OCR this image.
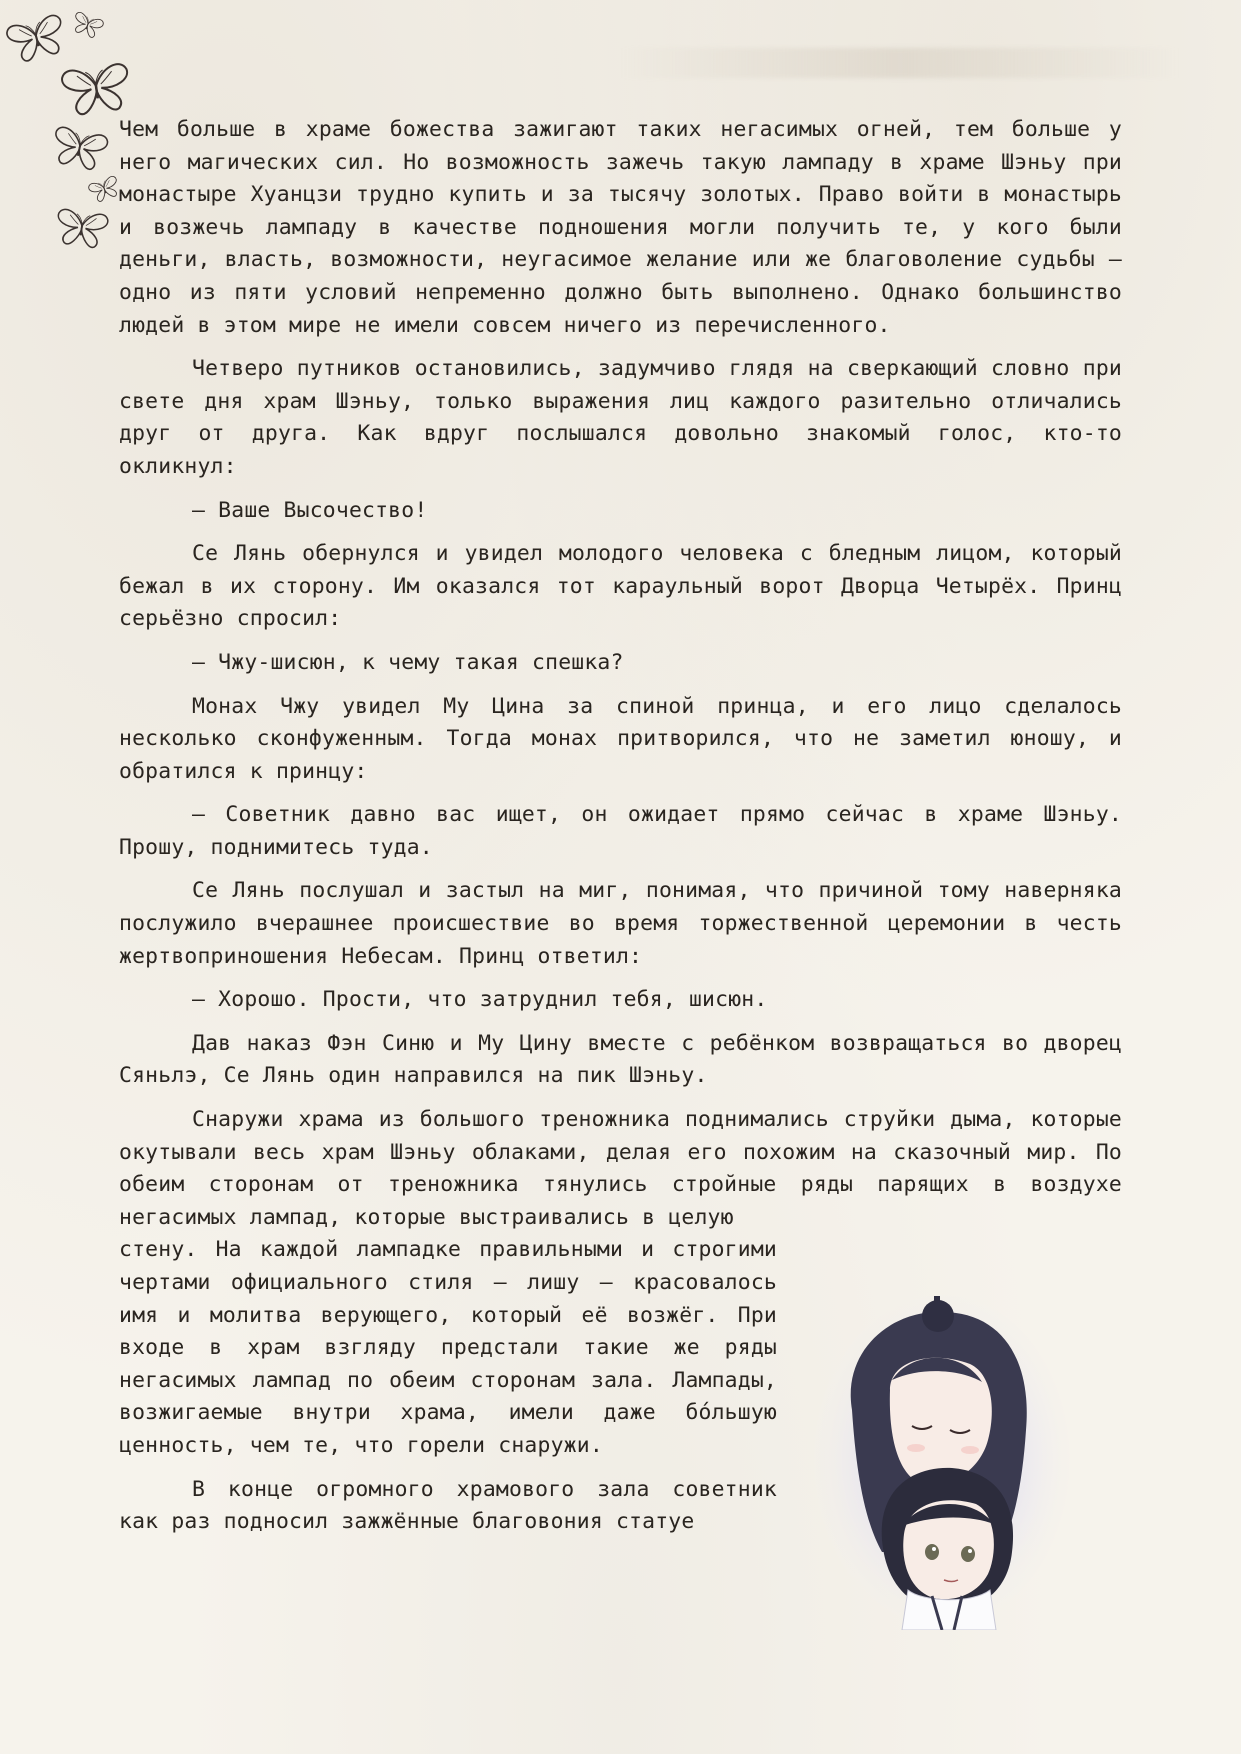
Чем больше в храме божества зажигают таких негасимых огней, тем больше у него магических сил. Но возможность зажечь такую лампаду в храме Шэньу при монастыре Хуанцзи трудно купить и за тысячу золотых. Право войти в монастырь и возжечь лампаду в качестве подношения могли получить те, у кого были деньги, власть, возможности, неугасимое желание или же благоволение судьбы — одно из пяти условий непременно должно быть выполнено. Однако большинство людей в этом мире не имели совсем ничего из перечисленного.

Четверо путников остановились, задумчиво глядя на сверкающий словно при свете дня храм Шэньу, только выражения лиц каждого разительно отличались друг от друга. Как вдруг послышался довольно знакомый голос, кто-то окликнул:

— Ваше Высочество!

Се Лянь обернулся и увидел молодого человека с бледным лицом, который бежал в их сторону. Им оказался тот караульный ворот Дворца Четырёх. Принц серьёзно спросил:

— Чжу-шисюн, к чему такая спешка?

Монах Чжу увидел Му Цина за спиной принца, и его лицо сделалось несколько сконфуженным. Тогда монах притворился, что не заметил юношу, и обратился к принцу:

— Советник давно вас ищет, он ожидает прямо сейчас в храме Шэньу. Прошу, поднимитесь туда.

Се Лянь послушал и застыл на миг, понимая, что причиной тому наверняка послужило вчерашнее происшествие во время торжественной церемонии в честь жертвоприношения Небесам. Принц ответил:

— Хорошо. Прости, что затруднил тебя, шисюн.

Дав наказ Фэн Синю и Му Цину вместе с ребёнком возвращаться во дворец Сяньлэ, Се Лянь один направился на пик Шэньу.

Снаружи храма из большого треножника поднимались струйки дыма, которые окутывали весь храм Шэньу облаками, делая его похожим на сказочный мир. По обеим сторонам от треножника тянулись стройные ряды парящих в воздухе негасимых лампад, которые выстраивались в целую

стену. На каждой лампадке правильными и строгими чертами официального стиля — лишу — красовалось имя и молитва верующего, который её возжёг. При входе в храм взгляду предстали такие же ряды негасимых лампад по обеим сторонам зала. Лампады, возжигаемые внутри храма, имели даже бóльшую ценность, чем те, что горели снаружи.

В конце огромного храмового зала советник как раз подносил зажжённые благовония статуе
